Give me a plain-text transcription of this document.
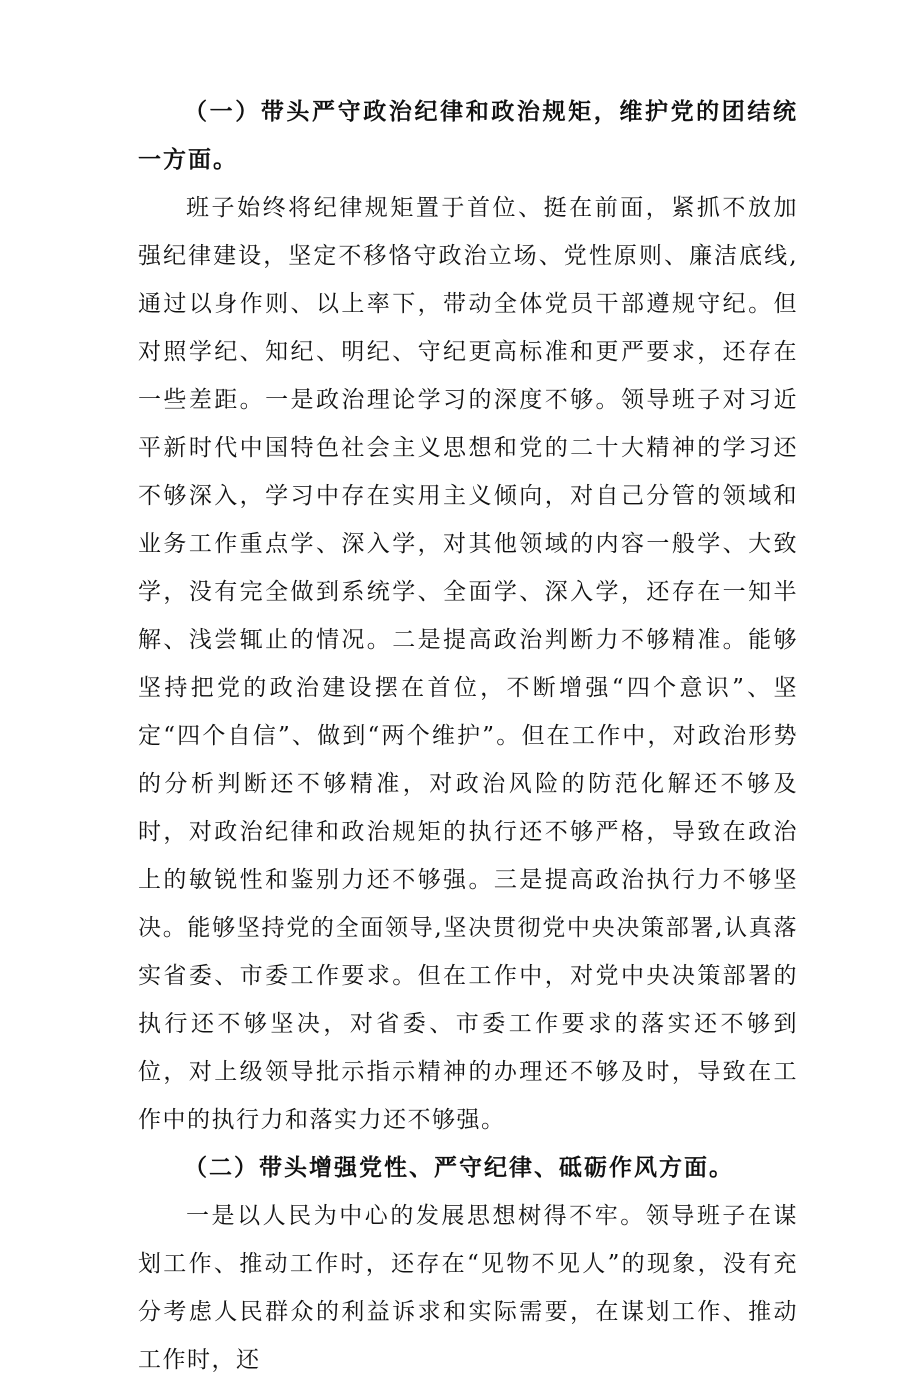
（一）带头严守政治纪律和政治规矩，维护党的团结统一方面。

班子始终将纪律规矩置于首位、挺在前面，紧抓不放加强纪律建设，坚定不移恪守政治立场、党性原则、廉洁底线,通过以身作则、以上率下，带动全体党员干部遵规守纪。但对照学纪、知纪、明纪、守纪更高标准和更严要求，还存在一些差距。一是政治理论学习的深度不够。领导班子对习近平新时代中国特色社会主义思想和党的二十大精神的学习还不够深入，学习中存在实用主义倾向，对自己分管的领域和业务工作重点学、深入学，对其他领域的内容一般学、大致学，没有完全做到系统学、全面学、深入学，还存在一知半解、浅尝辄止的情况。二是提高政治判断力不够精准。能够坚持把党的政治建设摆在首位，不断增强“四个意识”、坚定“四个自信”、做到“两个维护”。但在工作中，对政治形势的分析判断还不够精准，对政治风险的防范化解还不够及时，对政治纪律和政治规矩的执行还不够严格，导致在政治上的敏锐性和鉴别力还不够强。三是提高政治执行力不够坚决。能够坚持党的全面领导,坚决贯彻党中央决策部署,认真落实省委、市委工作要求。但在工作中，对党中央决策部署的执行还不够坚决，对省委、市委工作要求的落实还不够到位，对上级领导批示指示精神的办理还不够及时，导致在工作中的执行力和落实力还不够强。

（二）带头增强党性、严守纪律、砥砺作风方面。

一是以人民为中心的发展思想树得不牢。领导班子在谋划工作、推动工作时，还存在“见物不见人”的现象，没有充分考虑人民群众的利益诉求和实际需要，在谋划工作、推动工作时，还
